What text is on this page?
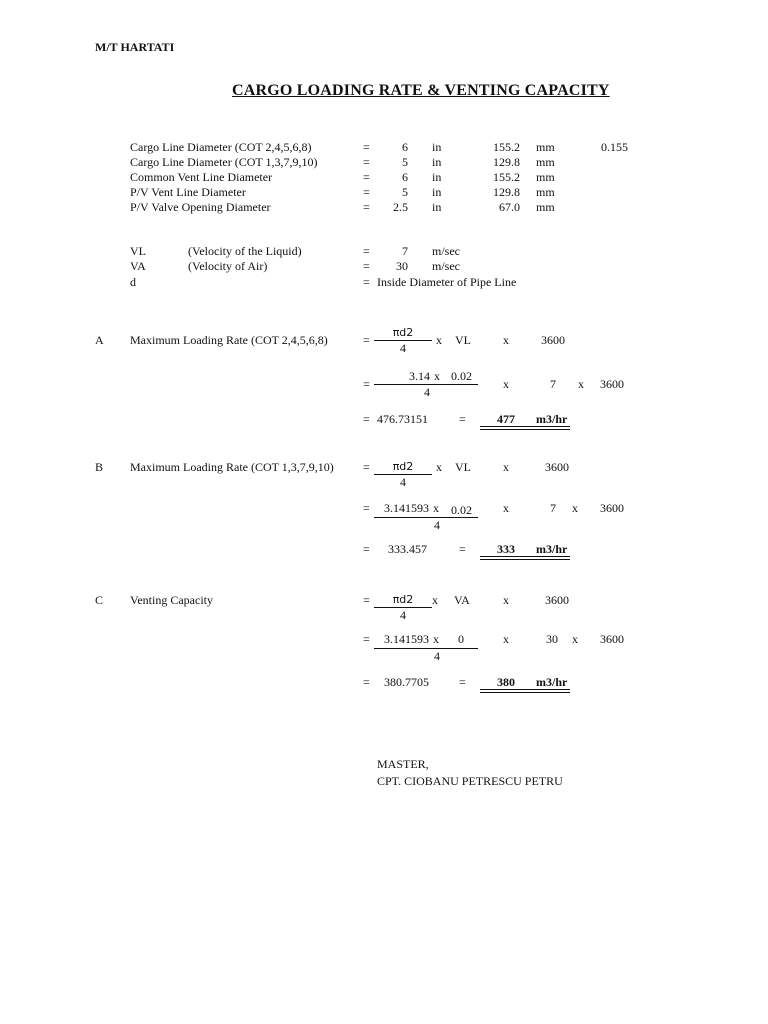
M/T HARTATI
CARGO LOADING RATE & VENTING CAPACITY
Cargo Line Diameter (COT 2,4,5,6,8)	=	6 in	155.2 mm	0.155
Cargo Line Diameter (COT 1,3,7,9,10)	=	5 in	129.8 mm
Common Vent Line Diameter	=	6 in	155.2 mm
P/V Vent Line Diameter	=	5 in	129.8 mm
P/V Valve Opening Diameter	=	2.5 in	67.0 mm
VL	(Velocity of the Liquid)	=	7 m/sec
VA	(Velocity of Air)	=	30 m/sec
d	= Inside Diameter of Pipe Line
A Maximum Loading Rate (COT 2,4,5,6,8)	=
πd2
4
x VL	x	3600
=
3.14 x 0.02
4
x	7 x 3600
= 476.73151	=	477	m3/hr
B Maximum Loading Rate (COT 1,3,7,9,10) =	πd2
4
x VL	x	3600
= 3.141593 x 0.02
4
x	7 x 3600
= 333.457	=	333	m3/hr
C Venting Capacity	=	πd2
4
x VA	x	3600
= 3.141593 x 0
4
x	30 x 3600
= 380.7705	=	380	m3/hr
MASTER,
CPT. CIOBANU PETRESCU PETRU
